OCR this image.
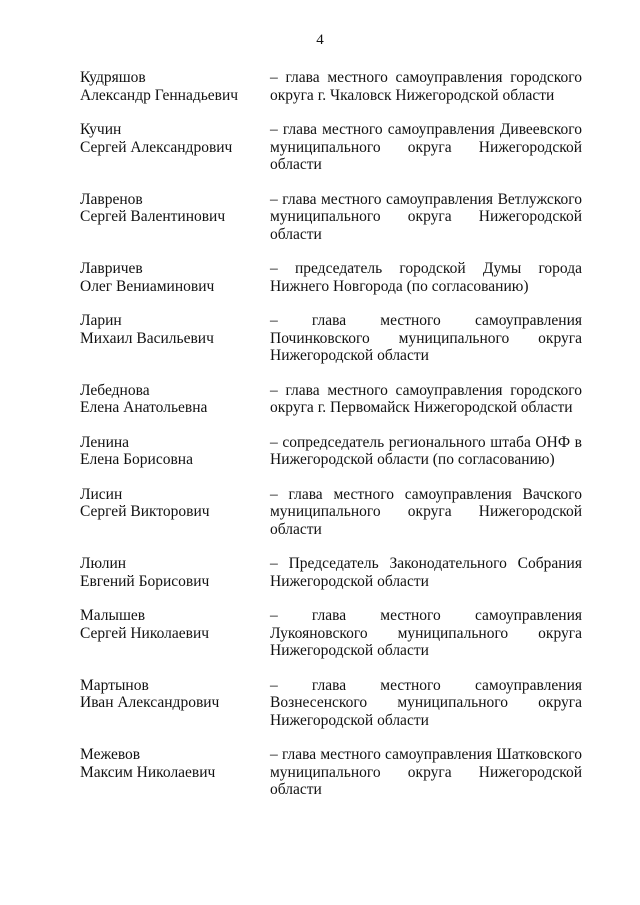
4
Кудряшов
Александр Геннадьевич
– глава местного самоуправления городского округа г. Чкаловск Нижегородской области
Кучин
Сергей Александрович
– глава местного самоуправления Дивеевского муниципального округа Нижегородской области
Лавренов
Сергей Валентинович
– глава местного самоуправления Ветлужского муниципального округа Нижегородской области
Лавричев
Олег Вениаминович
– председатель городской Думы города Нижнего Новгорода (по согласованию)
Ларин
Михаил Васильевич
– глава местного самоуправления Починковского муниципального округа Нижегородской области
Лебеднова
Елена Анатольевна
– глава местного самоуправления городского округа г. Первомайск Нижегородской области
Ленина
Елена Борисовна
– сопредседатель регионального штаба ОНФ в Нижегородской области (по согласованию)
Лисин
Сергей Викторович
– глава местного самоуправления Вачского муниципального округа Нижегородской области
Люлин
Евгений Борисович
– Председатель Законодательного Собрания Нижегородской области
Малышев
Сергей Николаевич
– глава местного самоуправления Лукояновского муниципального округа Нижегородской области
Мартынов
Иван Александрович
– глава местного самоуправления Вознесенского муниципального округа Нижегородской области
Межевов
Максим Николаевич
– глава местного самоуправления Шатковского муниципального округа Нижегородской области
